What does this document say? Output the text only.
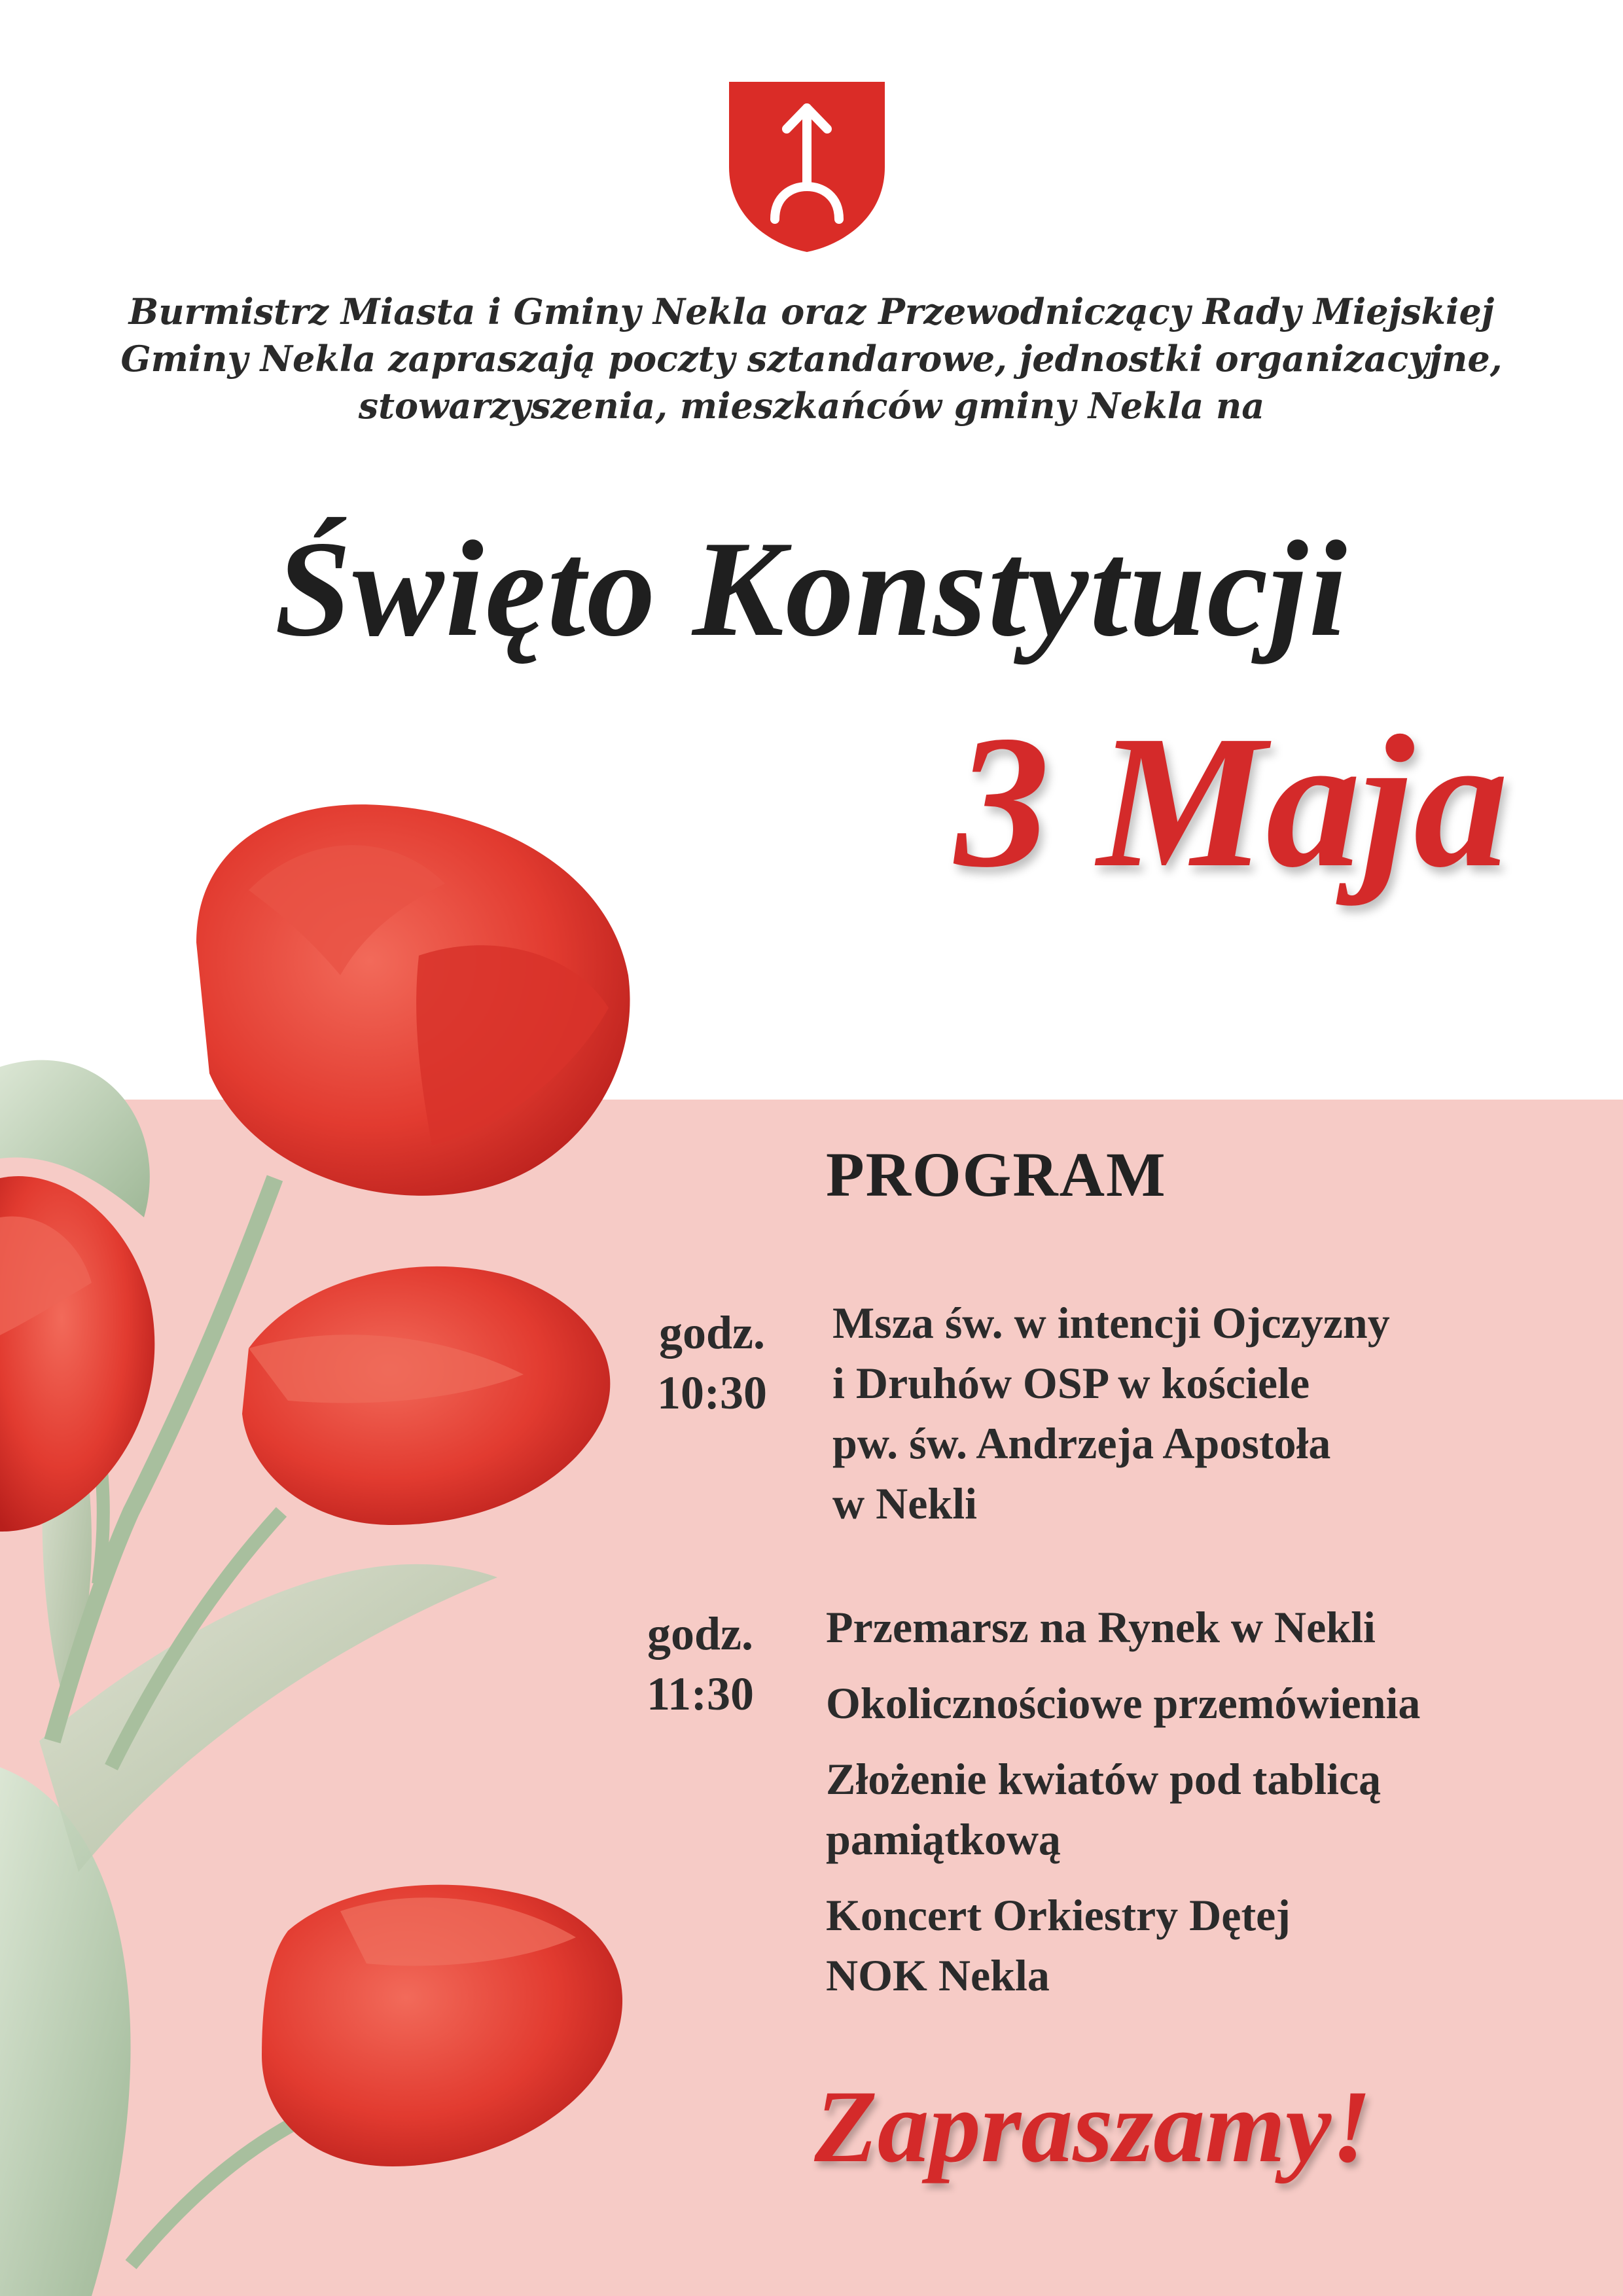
Burmistrz Miasta i Gminy Nekla oraz Przewodniczący Rady Miejskiej
Gminy Nekla zapraszają poczty sztandarowe, jednostki organizacyjne,
stowarzyszenia, mieszkańców gminy Nekla na
Święto Konstytucji
3 Maja
PROGRAM
godz.
10:30
Msza św. w intencji Ojczyzny
i Druhów OSP w kościele
pw. św. Andrzeja Apostoła
w Nekli
godz.
11:30
Przemarsz na Rynek w Nekli
Okolicznościowe przemówienia
Złożenie kwiatów pod tablicą
pamiątkową
Koncert Orkiestry Dętej
NOK Nekla
Zapraszamy!
